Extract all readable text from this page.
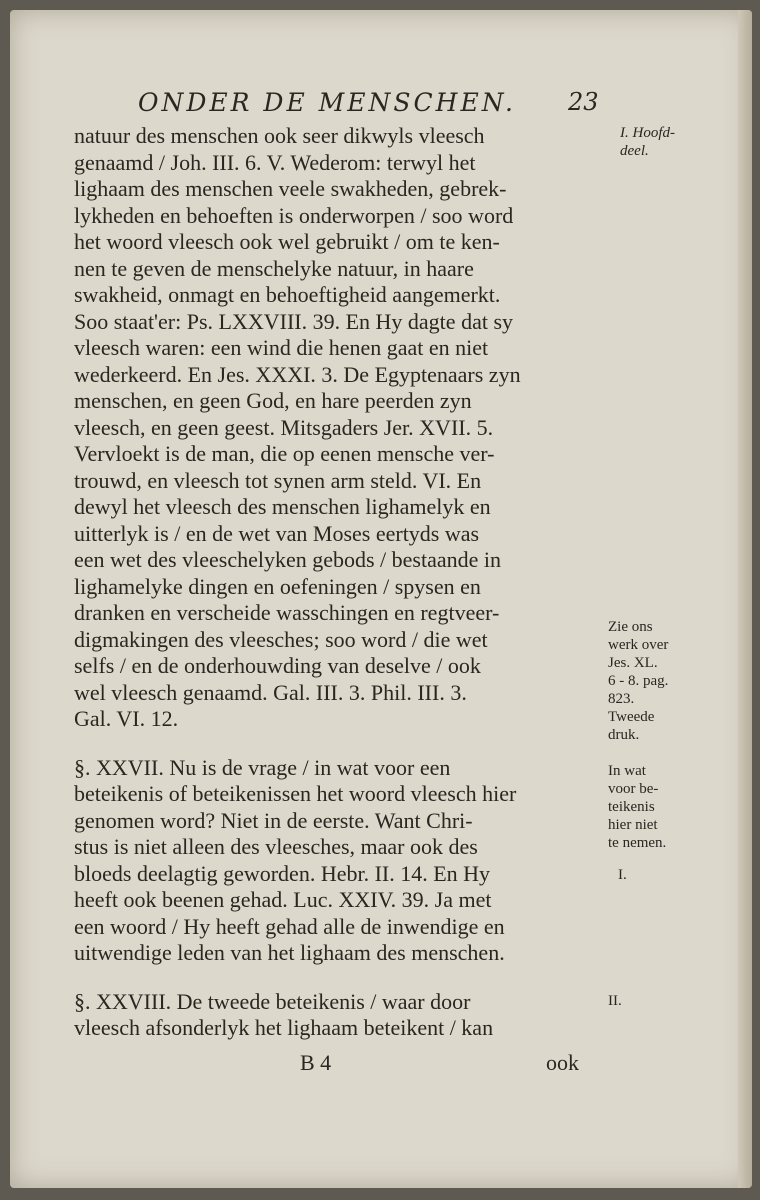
ONDER DE MENSCHEN. 23
natuur des menschen ook seer dikwyls vleesch
genaamd / Joh. III. 6. V. Wederom: terwyl het
lighaam des menschen veele swakheden, gebrek-
lykheden en behoeften is onderworpen / soo word
het woord vleesch ook wel gebruikt / om te ken-
nen te geven de menschelyke natuur, in haare
swakheid, onmagt en behoeftigheid aangemerkt.
Soo staat'er: Ps. LXXVIII. 39. En Hy dagte dat sy
vleesch waren: een wind die henen gaat en niet
wederkeerd. En Jes. XXXI. 3. De Egyptenaars zyn
menschen, en geen God, en hare peerden zyn
vleesch, en geen geest. Mitsgaders Jer. XVII. 5.
Vervloekt is de man, die op eenen mensche ver-
trouwd, en vleesch tot synen arm steld. VI. En
dewyl het vleesch des menschen lighamelyk en
uitterlyk is / en de wet van Moses eertyds was
een wet des vleeschelyken gebods / bestaande in
lighamelyke dingen en oefeningen / spysen en
dranken en verscheide wasschingen en regtveer-
digmakingen des vleesches; soo word / die wet
selfs / en de onderhouwding van deselve / ook
wel vleesch genaamd. Gal. III. 3. Phil. III. 3.
Gal. VI. 12.
§. XXVII. Nu is de vrage / in wat voor een
beteikenis of beteikenissen het woord vleesch hier
genomen word? Niet in de eerste. Want Chri-
stus is niet alleen des vleesches, maar ook des
bloeds deelagtig geworden. Hebr. II. 14. En Hy
heeft ook beenen gehad. Luc. XXIV. 39. Ja met
een woord / Hy heeft gehad alle de inwendige en
uitwendige leden van het lighaam des menschen.
§. XXVIII. De tweede beteikenis / waar door
vleesch afsonderlyk het lighaam beteikent / kan
I. Hoofd-
deel.
Zie ons
werk over
Jes. XL.
6 - 8. pag.
823.
Tweede
druk.
In wat
voor be-
teikenis
hier niet
te nemen.
I.
II.
B 4	ook
